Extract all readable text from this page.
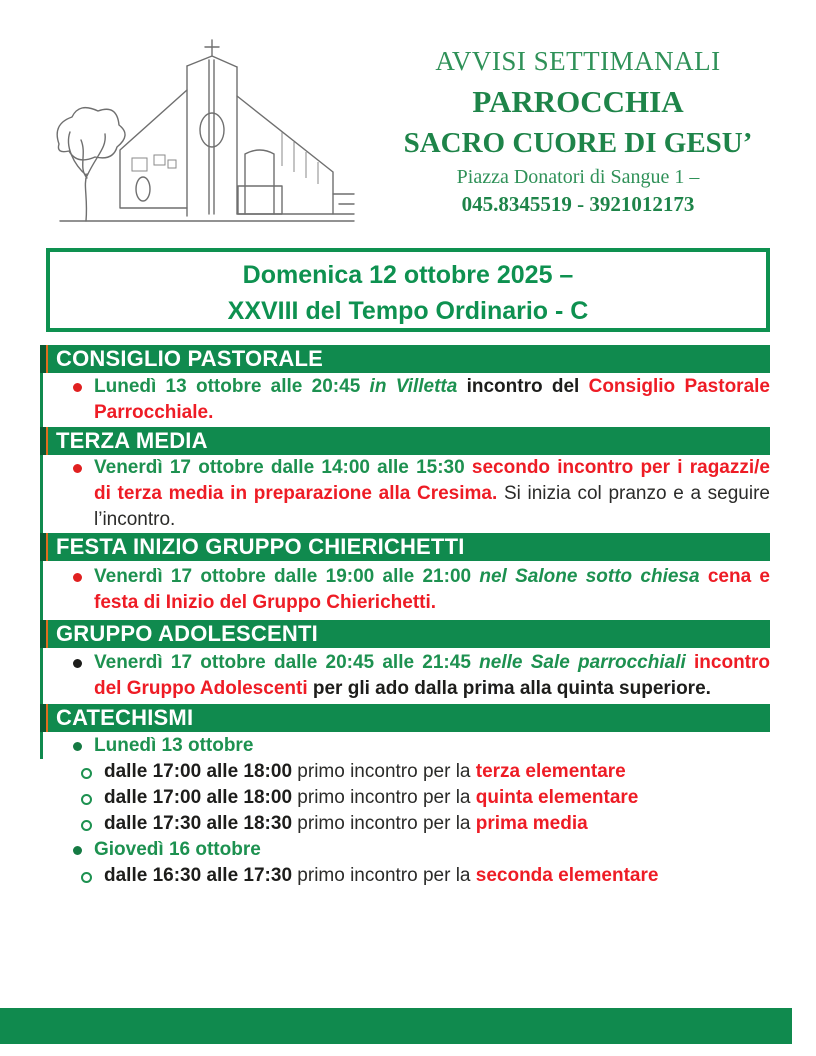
AVVISI SETTIMANALI
PARROCCHIA
SACRO CUORE DI GESU’
Piazza Donatori di Sangue 1 –
045.8345519 - 3921012173
Domenica 12 ottobre 2025 –
XXVIII del Tempo Ordinario - C
CONSIGLIO PASTORALE
Lunedì 13 ottobre alle 20:45 in Villetta incontro del Consiglio Pastorale Parrocchiale.
TERZA MEDIA
Venerdì 17 ottobre dalle 14:00 alle 15:30 secondo incontro per i ragazzi/e di terza media in preparazione alla Cresima. Si inizia col pranzo e a seguire l’incontro.
FESTA INIZIO GRUPPO CHIERICHETTI
Venerdì 17 ottobre dalle 19:00 alle 21:00 nel Salone sotto chiesa cena e festa di Inizio del Gruppo Chierichetti.
GRUPPO ADOLESCENTI
Venerdì 17 ottobre dalle 20:45 alle 21:45 nelle Sale parrocchiali incontro del Gruppo Adolescenti per gli ado dalla prima alla quinta superiore.
CATECHISMI
Lunedì 13 ottobre
dalle 17:00 alle 18:00 primo incontro per la terza elementare
dalle 17:00 alle 18:00 primo incontro per la quinta elementare
dalle 17:30 alle 18:30 primo incontro per la prima media
Giovedì 16 ottobre
dalle 16:30 alle 17:30 primo incontro per la seconda elementare
